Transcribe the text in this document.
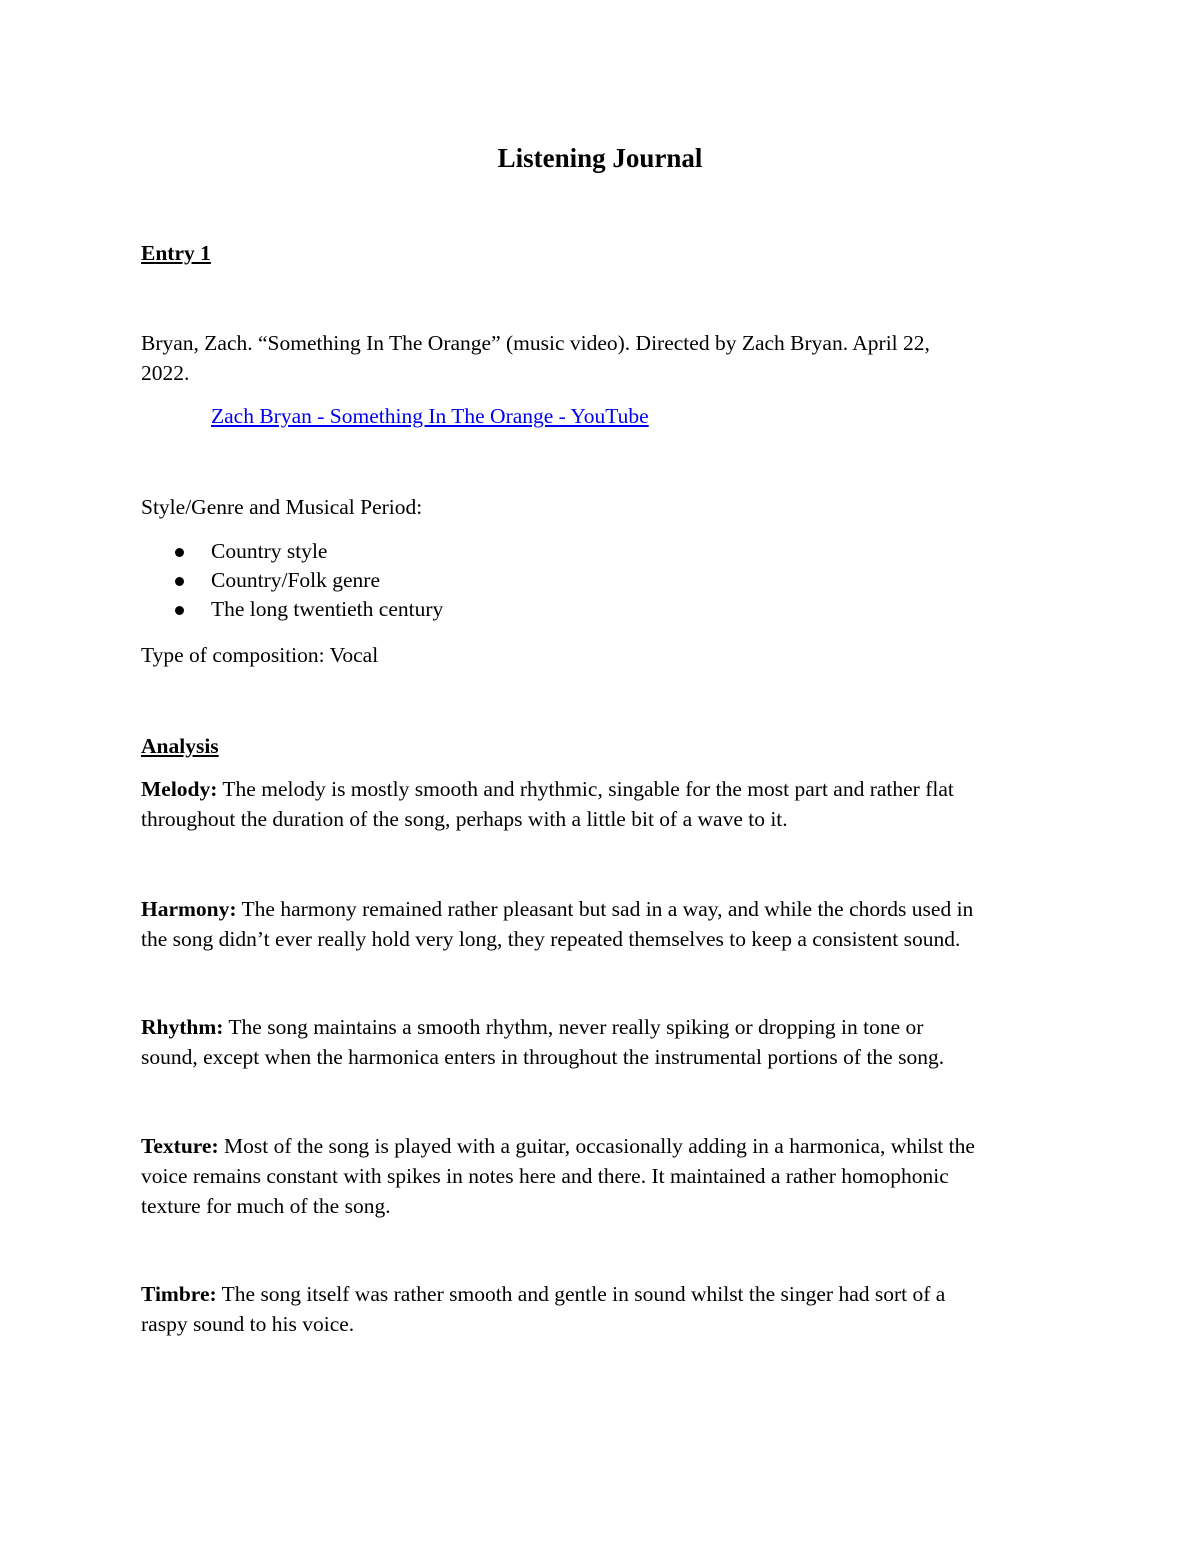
Listening Journal
Entry 1
Bryan, Zach. “Something In The Orange” (music video). Directed by Zach Bryan. April 22,
2022.
Zach Bryan - Something In The Orange - YouTube
Style/Genre and Musical Period:
Country style
Country/Folk genre
The long twentieth century
Type of composition: Vocal
Analysis
Melody: The melody is mostly smooth and rhythmic, singable for the most part and rather flat
throughout the duration of the song, perhaps with a little bit of a wave to it.
Harmony: The harmony remained rather pleasant but sad in a way, and while the chords used in
the song didn’t ever really hold very long, they repeated themselves to keep a consistent sound.
Rhythm: The song maintains a smooth rhythm, never really spiking or dropping in tone or
sound, except when the harmonica enters in throughout the instrumental portions of the song.
Texture: Most of the song is played with a guitar, occasionally adding in a harmonica, whilst the
voice remains constant with spikes in notes here and there. It maintained a rather homophonic
texture for much of the song.
Timbre: The song itself was rather smooth and gentle in sound whilst the singer had sort of a
raspy sound to his voice.
